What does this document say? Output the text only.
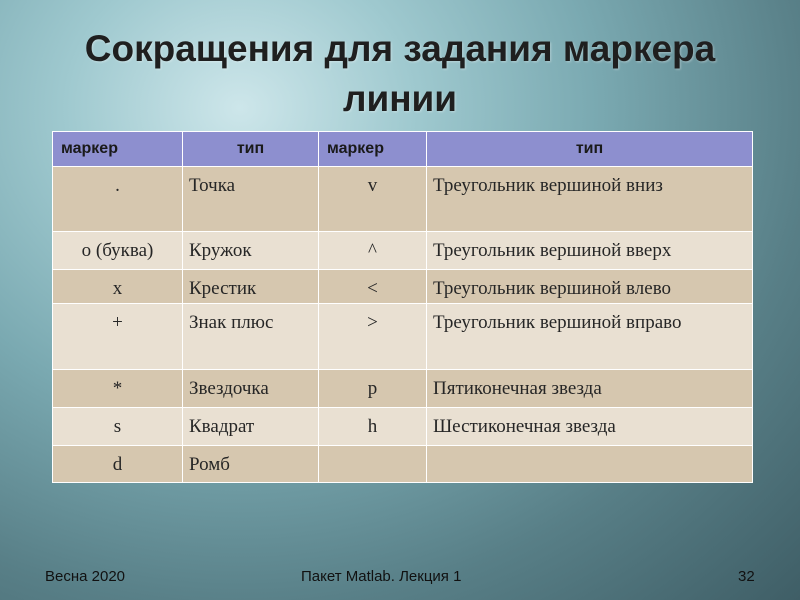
Сокращения для задания маркера линии
маркер	тип	маркер	тип
.	Точка	v	Треугольник вершиной вниз
o (буква)	Кружок	^	Треугольник вершиной вверх
x	Крестик	<	Треугольник вершиной влево
+	Знак плюс	>	Треугольник вершиной вправо
*	Звездочка	p	Пятиконечная звезда
s	Квадрат	h	Шестиконечная звезда
d	Ромб		
Весна 2020	Пакет Matlab. Лекция 1	32
